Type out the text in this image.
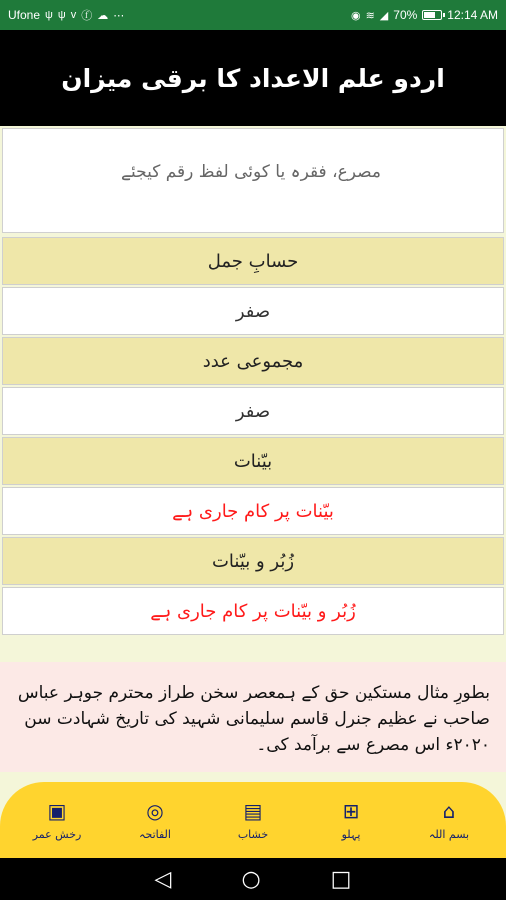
Ufone ψ ψ v ⓕ ☁ ⋯	◉ ≋ ◢ 70%	12:14 AM
اردو علم الاعداد کا برقی میزان
مصرع، فقرہ یا کوئی لفظ رقم کیجئے
حسابِ جمل
صفر
مجموعی عدد
صفر
بیّنات
بیّنات پر کام جاری ہے
زُبُر و بیّنات
زُبُر و بیّنات پر کام جاری ہے
بطورِ مثال مستکین حق کے ہمعصر سخن طراز محترم جوہر عباس صاحب نے عظیم جنرل قاسم سلیمانی شہید کی تاریخ شہادت سن ۲۰۲۰ء اس مصرع سے برآمد کی۔
▣
رخش عمر
◎
الفاتحہ
▤
خشاب
⊞
پہلو
⌂
بسم اللہ
◁	○	□
